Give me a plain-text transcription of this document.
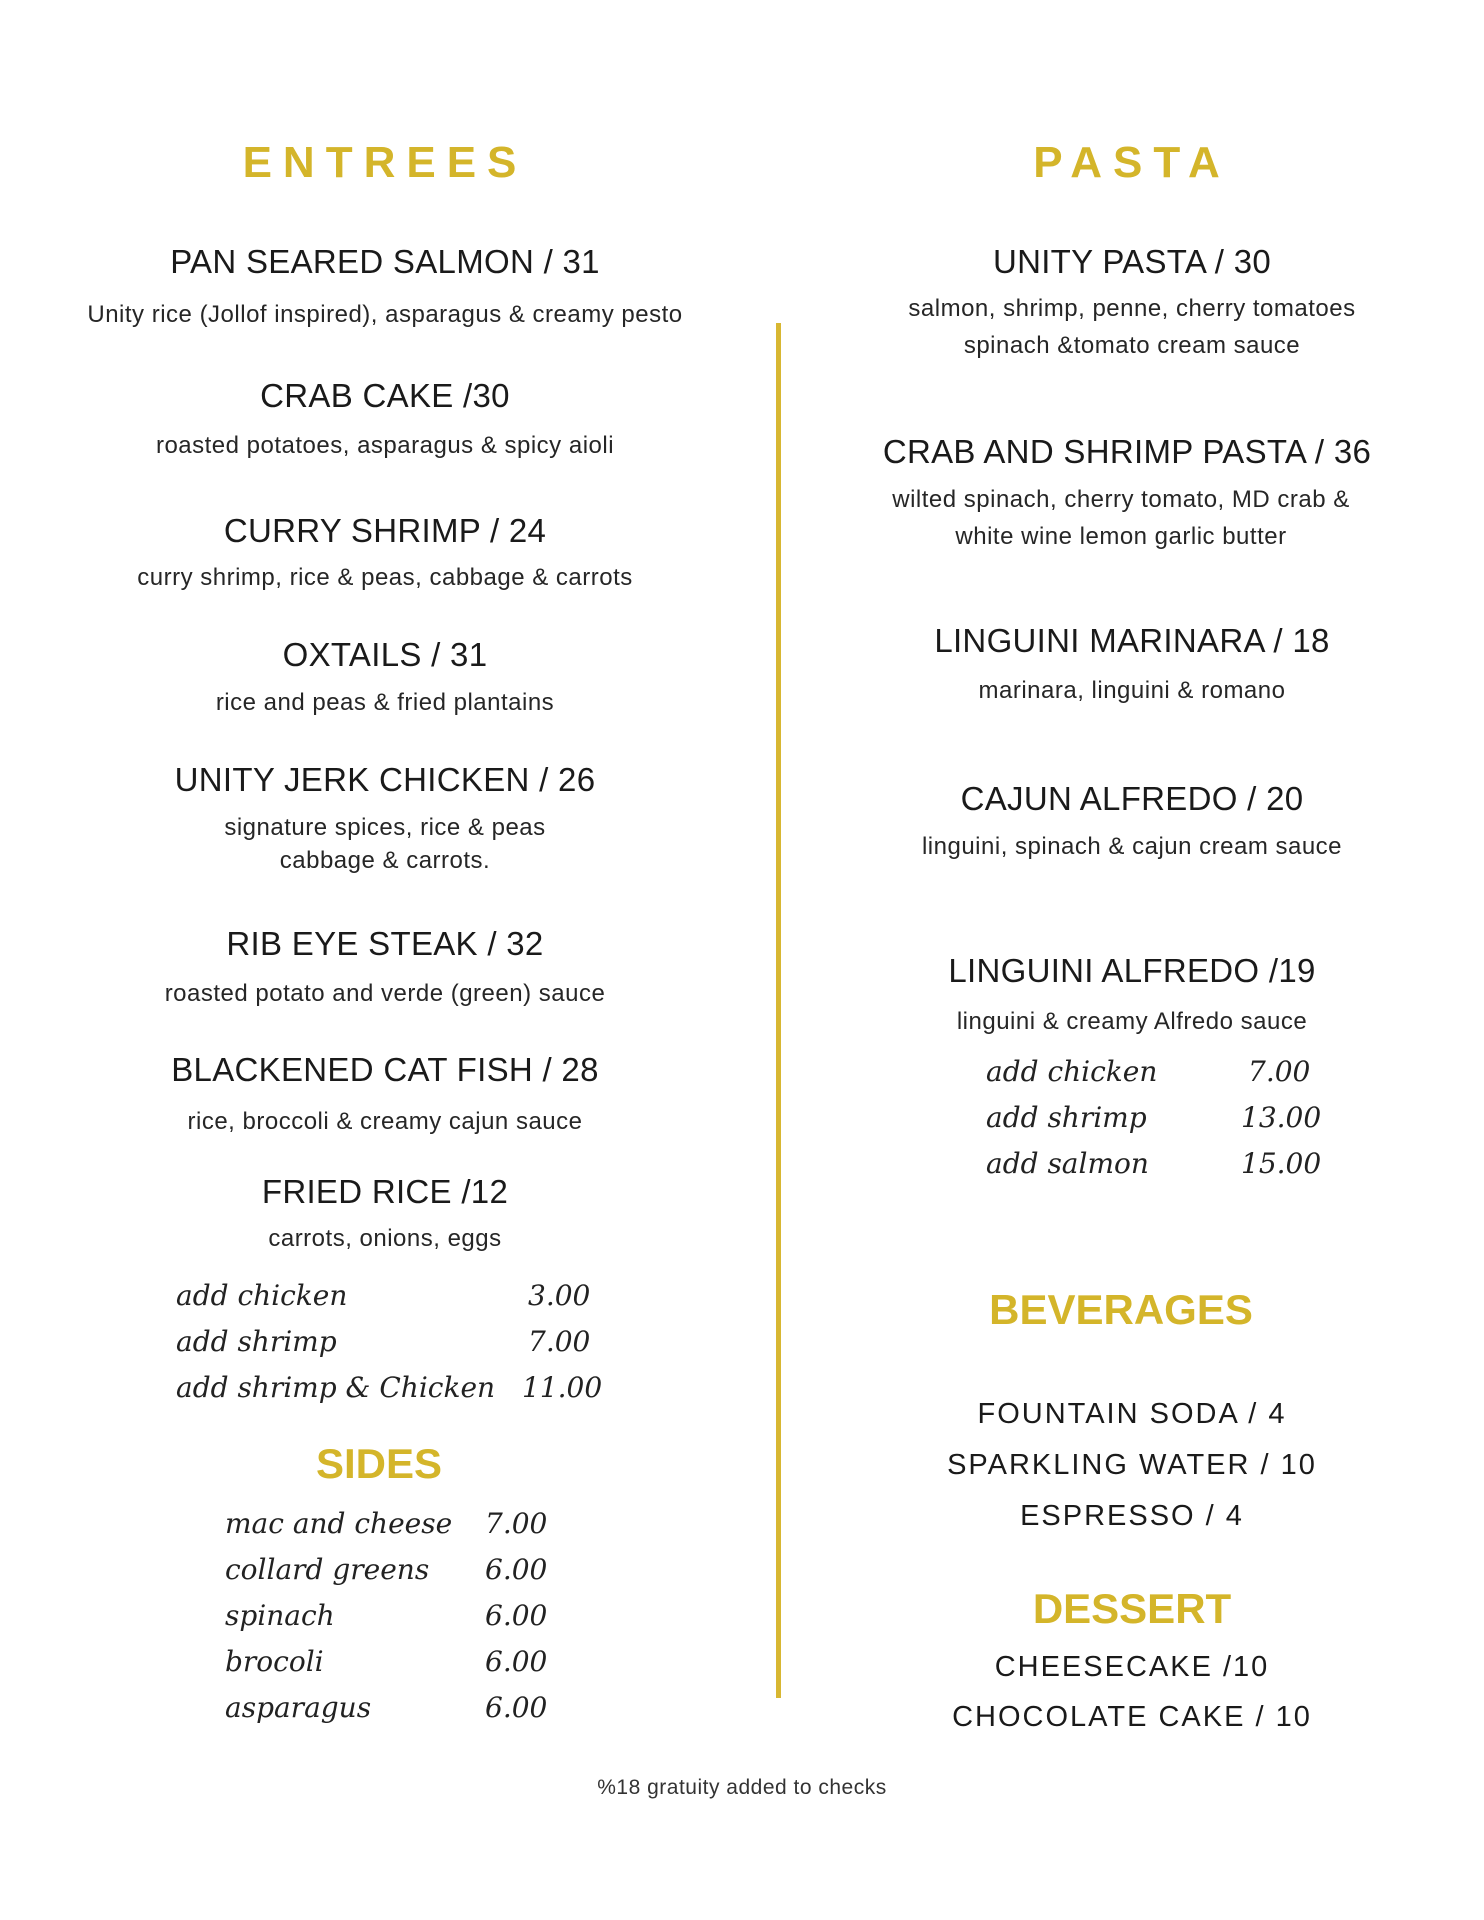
ENTREES
PAN SEARED SALMON / 31
Unity rice (Jollof inspired), asparagus & creamy pesto
CRAB CAKE /30
roasted potatoes, asparagus & spicy aioli
CURRY SHRIMP / 24
curry shrimp, rice & peas, cabbage & carrots
OXTAILS / 31
rice and peas & fried plantains
UNITY JERK CHICKEN / 26
signature spices, rice & peas
cabbage & carrots.
RIB EYE STEAK / 32
roasted potato and verde (green) sauce
BLACKENED CAT FISH / 28
rice, broccoli & creamy cajun sauce
FRIED RICE /12
carrots, onions, eggs
add chicken	3.00
add shrimp	7.00
add shrimp & Chicken 11.00
SIDES
mac and cheese 7.00
collard greens 6.00
spinach	6.00
brocoli	6.00
asparagus	6.00
PASTA
UNITY PASTA / 30
salmon, shrimp, penne, cherry tomatoes
spinach &tomato cream sauce
CRAB AND SHRIMP PASTA / 36
wilted spinach, cherry tomato, MD crab &
white wine lemon garlic butter
LINGUINI MARINARA / 18
marinara, linguini & romano
CAJUN ALFREDO / 20
linguini, spinach & cajun cream sauce
LINGUINI ALFREDO /19
linguini & creamy Alfredo sauce
add chicken	7.00
add shrimp	13.00
add salmon	15.00
BEVERAGES
FOUNTAIN SODA / 4
SPARKLING WATER / 10
ESPRESSO / 4
DESSERT
CHEESECAKE /10
CHOCOLATE CAKE / 10
%18 gratuity added to checks
